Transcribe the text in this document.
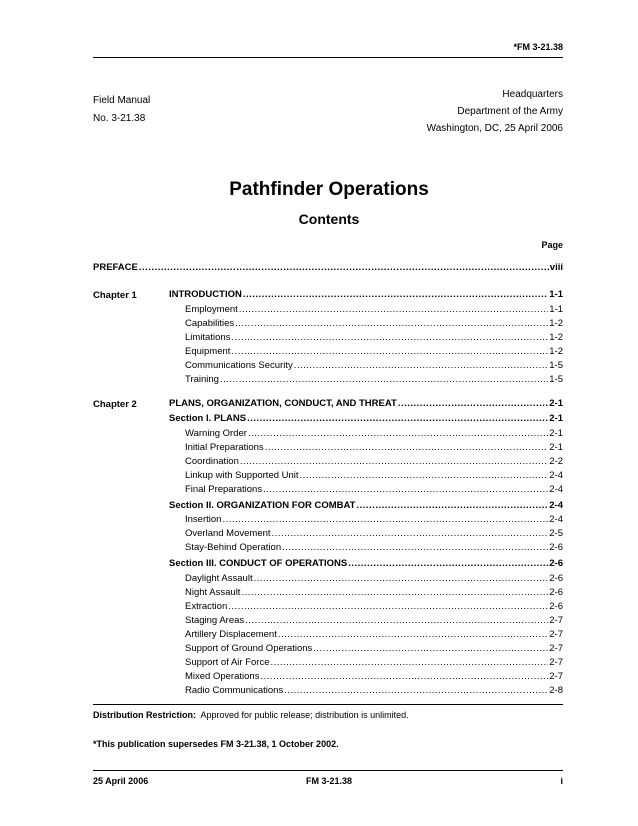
*FM 3-21.38
Field Manual
No. 3-21.38
Headquarters
Department of the Army
Washington, DC, 25 April 2006
Pathfinder Operations
Contents
Page
PREFACE .....	viii
Chapter 1	INTRODUCTION .....	1-1
Employment .....	1-1
Capabilities .....	1-2
Limitations .....	1-2
Equipment .....	1-2
Communications Security .....	1-5
Training .....	1-5
Chapter 2	PLANS, ORGANIZATION, CONDUCT, AND THREAT .....	2-1
Section I. PLANS .....	2-1
Warning Order .....	2-1
Initial Preparations .....	2-1
Coordination .....	2-2
Linkup with Supported Unit .....	2-4
Final Preparations .....	2-4
Section II. ORGANIZATION FOR COMBAT .....	2-4
Insertion .....	2-4
Overland Movement .....	2-5
Stay-Behind Operation .....	2-6
Section III. CONDUCT OF OPERATIONS .....	2-6
Daylight Assault .....	2-6
Night Assault .....	2-6
Extraction .....	2-6
Staging Areas .....	2-7
Artillery Displacement .....	2-7
Support of Ground Operations .....	2-7
Support of Air Force .....	2-7
Mixed Operations .....	2-7
Radio Communications .....	2-8
Distribution Restriction: Approved for public release; distribution is unlimited.
*This publication supersedes FM 3-21.38, 1 October 2002.
25 April 2006	FM 3-21.38	i
